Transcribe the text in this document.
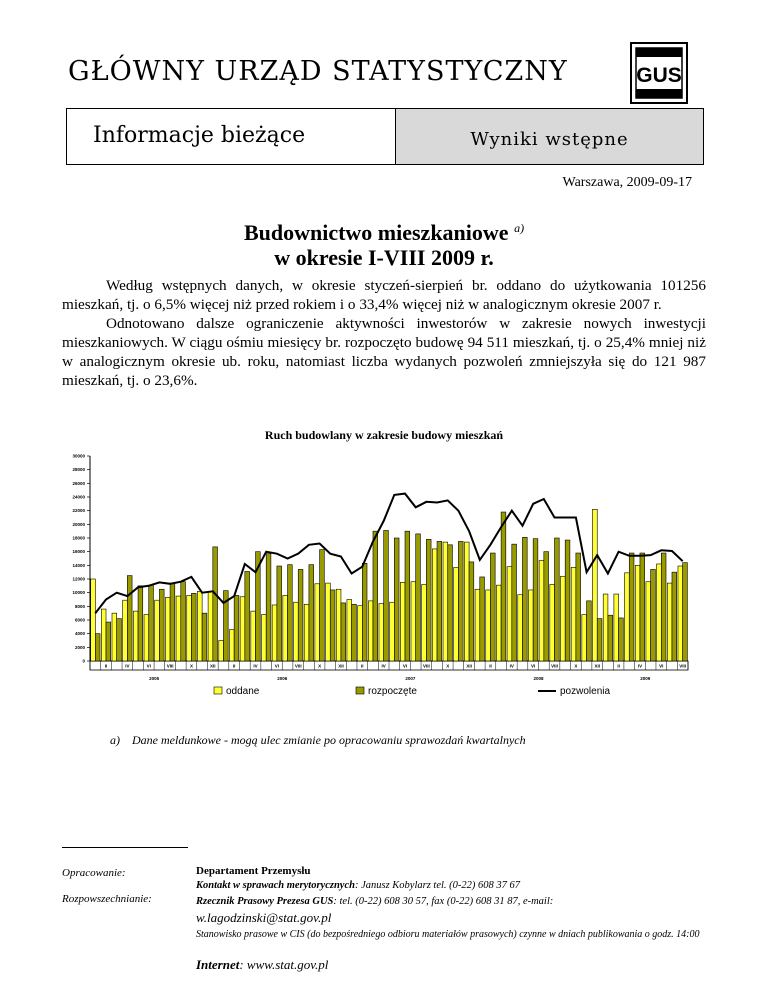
GŁÓWNY URZĄD STATYSTYCZNY	GUS
Informacje bieżące	Wyniki wstępne
Warszawa, 2009-09-17
Budownictwo mieszkaniowe $^{a)}$
w okresie I-VIII 2009 r.
Według wstępnych danych, w okresie styczeń-sierpień br. oddano do użytkowania 101256 mieszkań, tj. o 6,5% więcej niż przed rokiem i o 33,4% więcej niż w analogicznym okresie 2007 r.
Odnotowano dalsze ograniczenie aktywności inwestorów w zakresie nowych inwestycji mieszkaniowych. W ciągu ośmiu miesięcy br. rozpoczęto budowę 94 511 mieszkań, tj. o 25,4% mniej niż w analogicznym okresie ub. roku, natomiast liczba wydanych pozwoleń zmniejszyła się do 121 987 mieszkań, tj. o 23,6%.
Ruch budowlany w zakresie budowy mieszkań
0
2000
4000
6000
8000
10000
12000
14000
16000
18000
20000
22000
24000
26000
28000
30000
II	IV	VI	VIII	X	XII	II	IV	VI	VIII	X	XII	II	IV	VI	VIII	X	XII	II	IV	VI	VIII	X	XII	II	IV	VI	VIII
2005	2006	2007	2008	2009
oddane	rozpoczęte	pozwolenia
a) Dane meldunkowe - mogą ulec zmianie po opracowaniu sprawozdań kwartalnych
Opracowanie:
Rozpowszechnianie:
Departament Przemysłu
Kontakt w sprawach merytorycznych: Janusz Kobylarz tel. (0-22) 608 37 67
Rzecznik Prasowy Prezesa GUS: tel. (0-22) 608 30 57, fax (0-22) 608 31 87, e-mail:
w.lagodzinski@stat.gov.pl
Stanowisko prasowe w CIS (do bezpośredniego odbioru materiałów prasowych) czynne w dniach publikowania o godz. 14:00
Internet: www.stat.gov.pl
